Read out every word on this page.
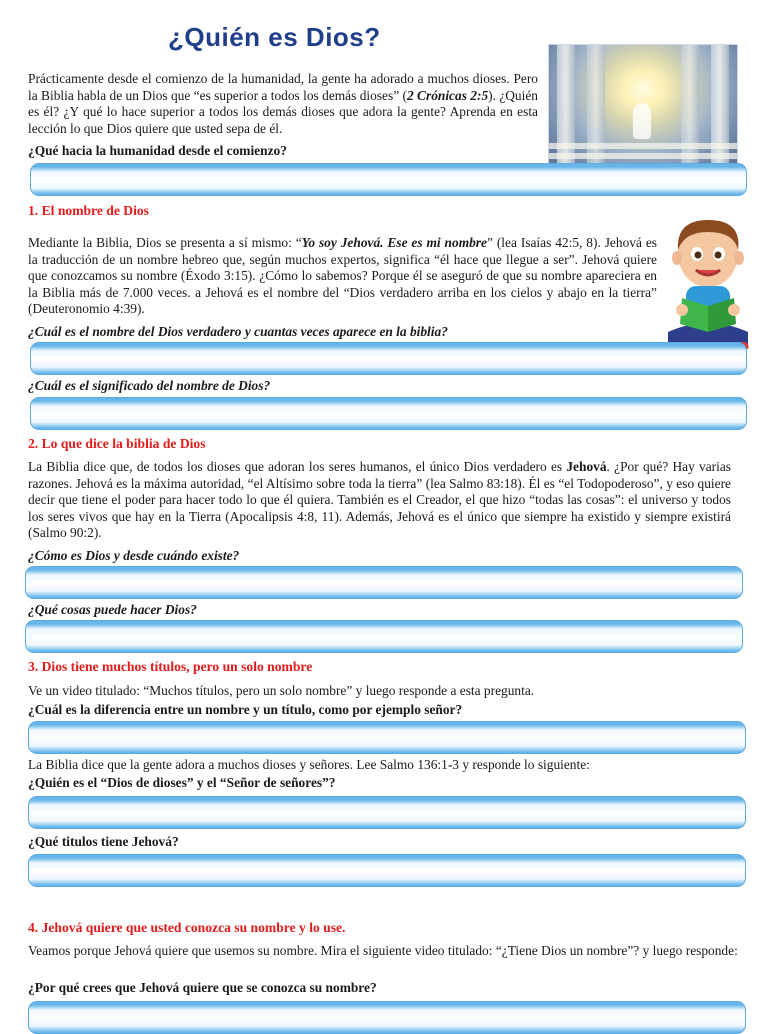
¿Quién es Dios?

Prácticamente desde el comienzo de la humanidad, la gente ha adorado a muchos dioses. Pero la Biblia habla de un Dios que “es superior a todos los demás dioses” (2 Crónicas 2:5). ¿Quién es él? ¿Y qué lo hace superior a todos los demás dioses que adora la gente? Aprenda en esta lección lo que Dios quiere que usted sepa de él.

¿Qué hacia la humanidad desde el comienzo?

1. El nombre de Dios

Mediante la Biblia, Dios se presenta a sí mismo: “Yo soy Jehová. Ese es mi nombre” (lea Isaías 42:5, 8). Jehová es la traducción de un nombre hebreo que, según muchos expertos, significa “él hace que llegue a ser”. Jehová quiere que conozcamos su nombre (Éxodo 3:15). ¿Cómo lo sabemos? Porque él se aseguró de que su nombre apareciera en la Biblia más de 7.000 veces. a Jehová es el nombre del “Dios verdadero arriba en los cielos y abajo en la tierra” (Deuteronomio 4:39).

¿Cuál es el nombre del Dios verdadero y cuantas veces aparece en la biblia?

¿Cuál es el significado del nombre de Dios?

2. Lo que dice la biblia de Dios

La Biblia dice que, de todos los dioses que adoran los seres humanos, el único Dios verdadero es Jehová. ¿Por qué? Hay varias razones. Jehová es la máxima autoridad, “el Altísimo sobre toda la tierra” (lea Salmo 83:18). Él es “el Todopoderoso”, y eso quiere decir que tiene el poder para hacer todo lo que él quiera. También es el Creador, el que hizo “todas las cosas”: el universo y todos los seres vivos que hay en la Tierra (Apocalipsis 4:8, 11). Además, Jehová es el único que siempre ha existido y siempre existirá (Salmo 90:2).

¿Cómo es Dios y desde cuándo existe?

¿Qué cosas puede hacer Dios?

3. Dios tiene muchos títulos, pero un solo nombre

Ve un video titulado: “Muchos títulos, pero un solo nombre” y luego responde a esta pregunta.

¿Cuál es la diferencia entre un nombre y un título, como por ejemplo señor?

La Biblia dice que la gente adora a muchos dioses y señores. Lee Salmo 136:1-3 y responde lo siguiente:

¿Quién es el “Dios de dioses” y el “Señor de señores”?

¿Qué titulos tiene Jehová?

4. Jehová quiere que usted conozca su nombre y lo use.

Veamos porque Jehová quiere que usemos su nombre. Mira el siguiente video titulado: “¿Tiene Dios un nombre”? y luego responde:

¿Por qué crees que Jehová quiere que se conozca su nombre?
